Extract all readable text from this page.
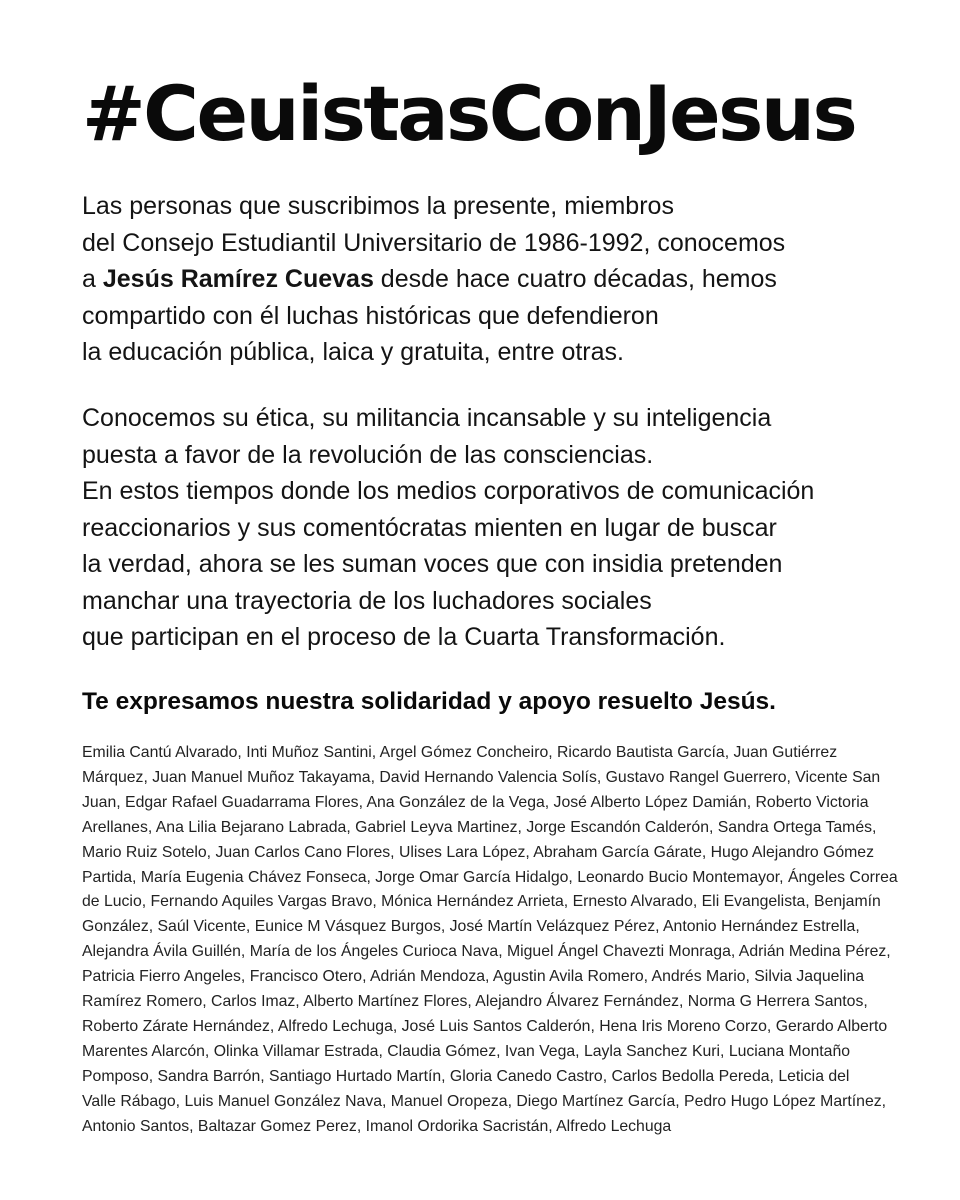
#CeuistasConJesus
Las personas que suscribimos la presente, miembros
del Consejo Estudiantil Universitario de 1986-1992, conocemos
a Jesús Ramírez Cuevas desde hace cuatro décadas, hemos
compartido con él luchas históricas que defendieron
la educación pública, laica y gratuita, entre otras.
Conocemos su ética, su militancia incansable y su inteligencia
puesta a favor de la revolución de las consciencias.
En estos tiempos donde los medios corporativos de comunicación
reaccionarios y sus comentócratas mienten en lugar de buscar
la verdad, ahora se les suman voces que con insidia pretenden
manchar una trayectoria de los luchadores sociales
que participan en el proceso de la Cuarta Transformación.
Te expresamos nuestra solidaridad y apoyo resuelto Jesús.
Emilia Cantú Alvarado, Inti Muñoz Santini, Argel Gómez Concheiro, Ricardo Bautista García, Juan Gutiérrez
Márquez, Juan Manuel Muñoz Takayama, David Hernando Valencia Solís, Gustavo Rangel Guerrero, Vicente San
Juan, Edgar Rafael Guadarrama Flores, Ana González de la Vega, José Alberto López Damián, Roberto Victoria
Arellanes, Ana Lilia Bejarano Labrada, Gabriel Leyva Martinez, Jorge Escandón Calderón, Sandra Ortega Tamés,
Mario Ruiz Sotelo, Juan Carlos Cano Flores, Ulises Lara López, Abraham García Gárate, Hugo Alejandro Gómez
Partida, María Eugenia Chávez Fonseca, Jorge Omar García Hidalgo, Leonardo Bucio Montemayor, Ángeles Correa
de Lucio, Fernando Aquiles Vargas Bravo, Mónica Hernández Arrieta, Ernesto Alvarado, Eli Evangelista, Benjamín
González, Saúl Vicente, Eunice M Vásquez Burgos, José Martín Velázquez Pérez, Antonio Hernández Estrella,
Alejandra Ávila Guillén, María de los Ángeles Curioca Nava, Miguel Ángel Chavezti Monraga, Adrián Medina Pérez,
Patricia Fierro Angeles, Francisco Otero, Adrián Mendoza, Agustin Avila Romero, Andrés Mario, Silvia Jaquelina
Ramírez Romero, Carlos Imaz, Alberto Martínez Flores, Alejandro Álvarez Fernández, Norma G Herrera Santos,
Roberto Zárate Hernández, Alfredo Lechuga, José Luis Santos Calderón, Hena Iris Moreno Corzo, Gerardo Alberto
Marentes Alarcón, Olinka Villamar Estrada, Claudia Gómez, Ivan Vega, Layla Sanchez Kuri, Luciana Montaño
Pomposo, Sandra Barrón, Santiago Hurtado Martín, Gloria Canedo Castro, Carlos Bedolla Pereda, Leticia del
Valle Rábago, Luis Manuel González Nava, Manuel Oropeza, Diego Martínez García, Pedro Hugo López Martínez,
Antonio Santos, Baltazar Gomez Perez, Imanol Ordorika Sacristán, Alfredo Lechuga
